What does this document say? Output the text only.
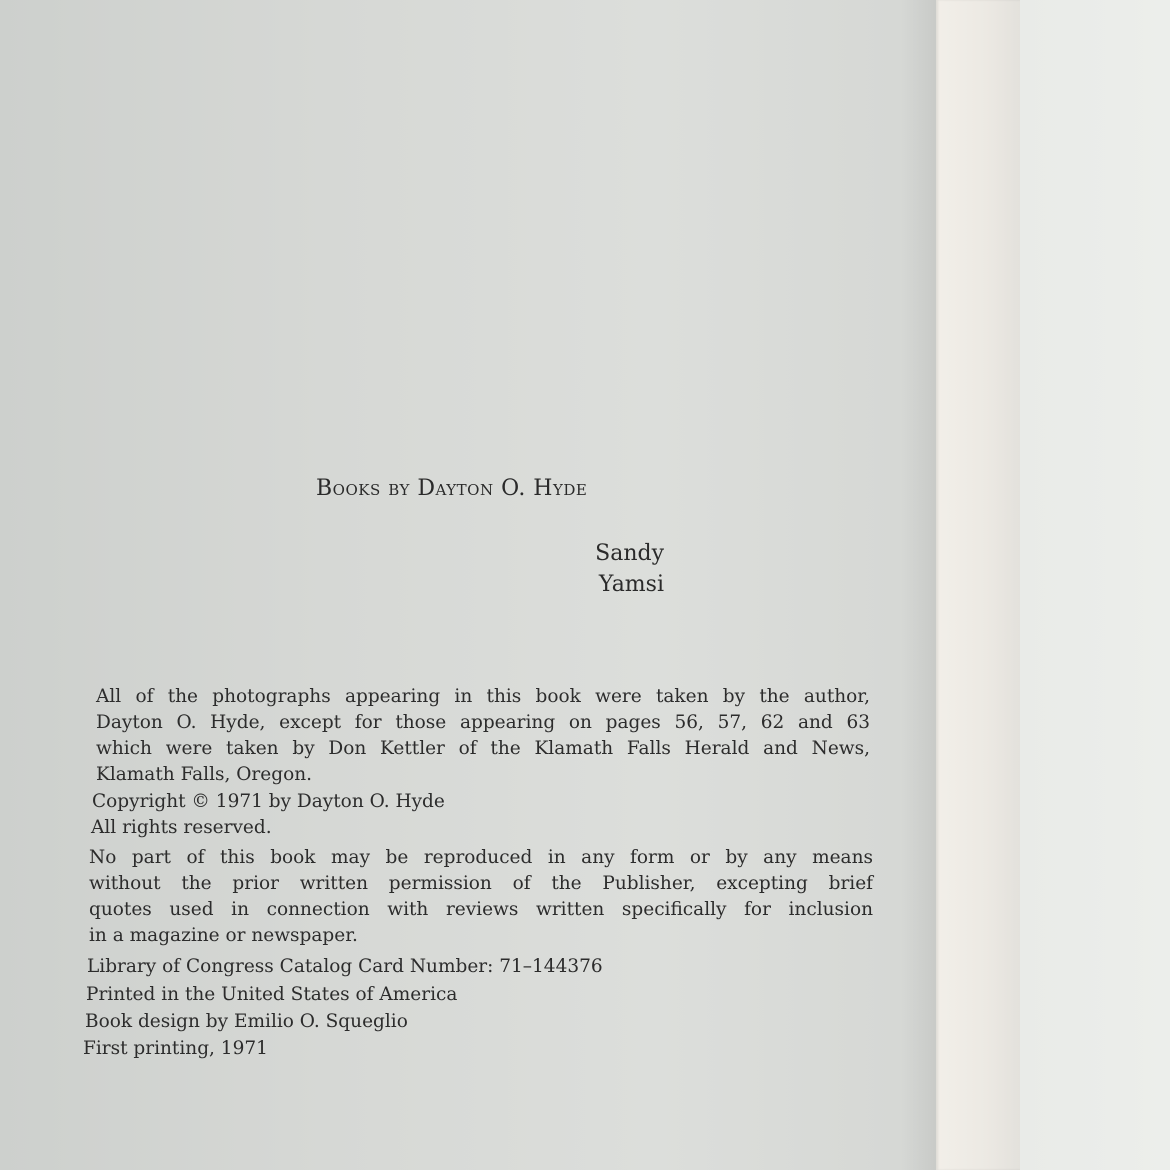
Books by Dayton O. Hyde
Sandy
Yamsi
All of the photographs appearing in this book were taken by the author,
Dayton O. Hyde, except for those appearing on pages 56, 57, 62 and 63
which were taken by Don Kettler of the Klamath Falls Herald and News,
Klamath Falls, Oregon.
Copyright © 1971 by Dayton O. Hyde
All rights reserved.
No part of this book may be reproduced in any form or by any means
without the prior written permission of the Publisher, excepting brief
quotes used in connection with reviews written specifically for inclusion
in a magazine or newspaper.
Library of Congress Catalog Card Number: 71–144376
Printed in the United States of America
Book design by Emilio O. Squeglio
First printing, 1971
